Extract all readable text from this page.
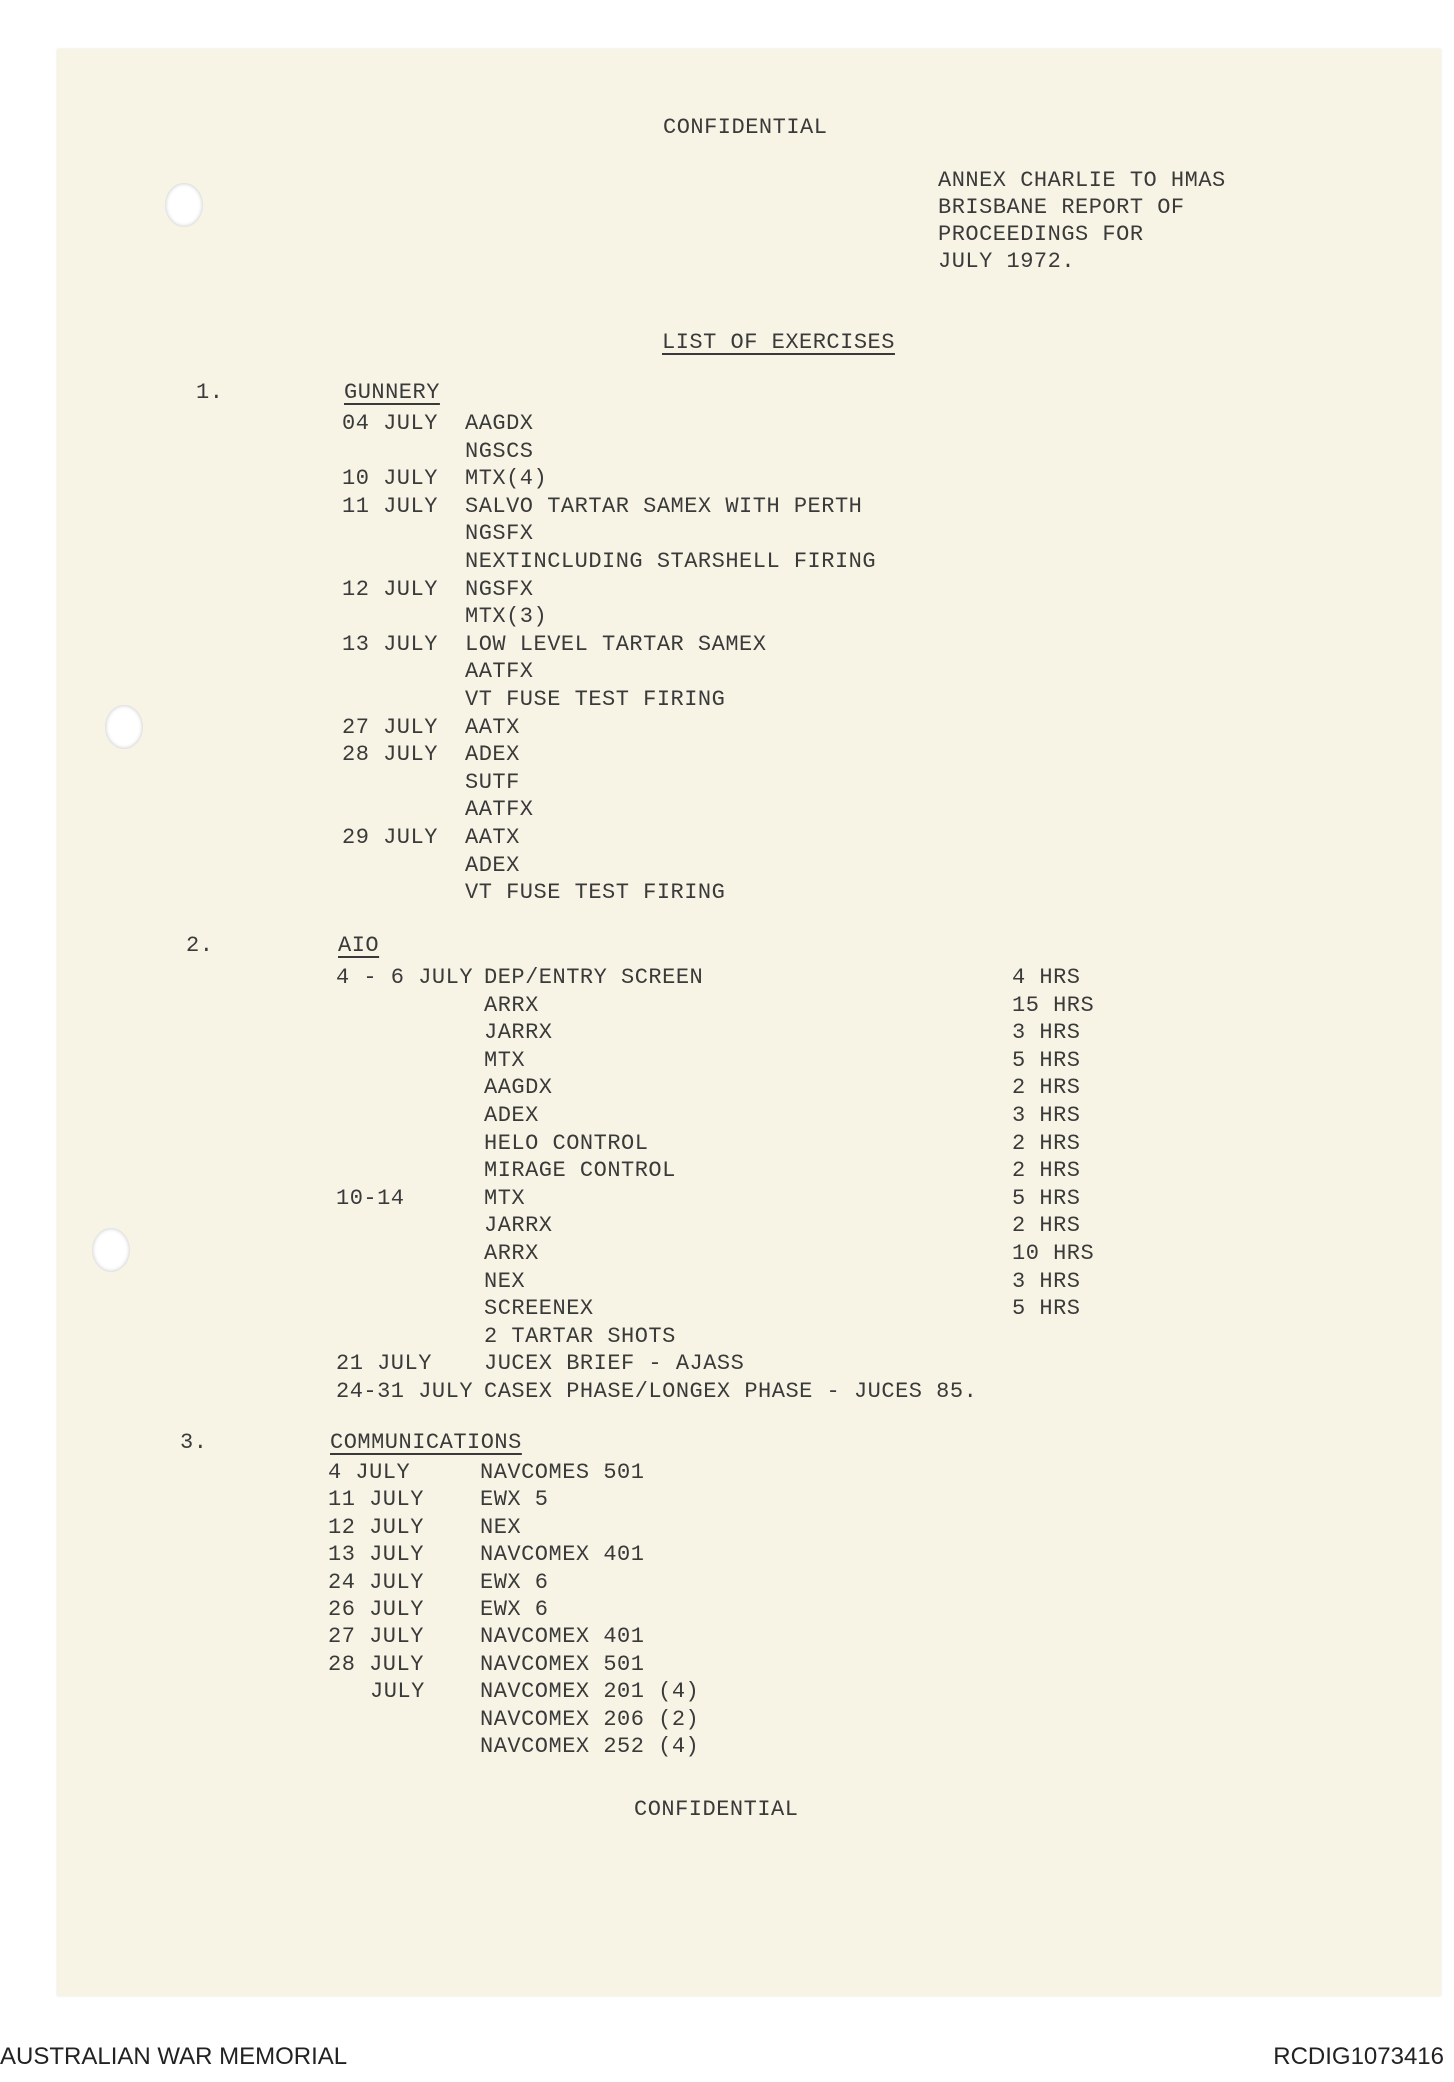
CONFIDENTIAL
ANNEX CHARLIE TO HMAS
BRISBANE REPORT OF
PROCEEDINGS FOR
JULY 1972.
LIST OF EXERCISES
1.	GUNNERY
04 JULY AAGDX
NGSCS
10 JULY MTX(4)
11 JULY SALVO TARTAR SAMEX WITH PERTH
NGSFX
NEXTINCLUDING STARSHELL FIRING
12 JULY NGSFX
MTX(3)
13 JULY LOW LEVEL TARTAR SAMEX
AATFX
VT FUSE TEST FIRING
27 JULY AATX
28 JULY ADEX
SUTF
AATFX
29 JULY AATX
ADEX
VT FUSE TEST FIRING
2.	AIO
4 - 6 JULY DEP/ENTRY SCREEN	4 HRS
ARRX	15 HRS
JARRX	3 HRS
MTX	5 HRS
AAGDX	2 HRS
ADEX	3 HRS
HELO CONTROL	2 HRS
MIRAGE CONTROL	2 HRS
10-14	MTX	5 HRS
JARRX	2 HRS
ARRX	10 HRS
NEX	3 HRS
SCREENEX	5 HRS
2 TARTAR SHOTS
21 JULY JUCEX BRIEF - AJASS
24-31 JULY CASEX PHASE/LONGEX PHASE - JUCES 85.
3.	COMMUNICATIONS
4 JULY	NAVCOMES 501
11 JULY	EWX 5
12 JULY	NEX
13 JULY	NAVCOMEX 401
24 JULY	EWX 6
26 JULY	EWX 6
27 JULY	NAVCOMEX 401
28 JULY	NAVCOMEX 501
JULY	NAVCOMEX 201 (4)
NAVCOMEX 206 (2)
NAVCOMEX 252 (4)
CONFIDENTIAL
AUSTRALIAN WAR MEMORIAL	RCDIG1073416
